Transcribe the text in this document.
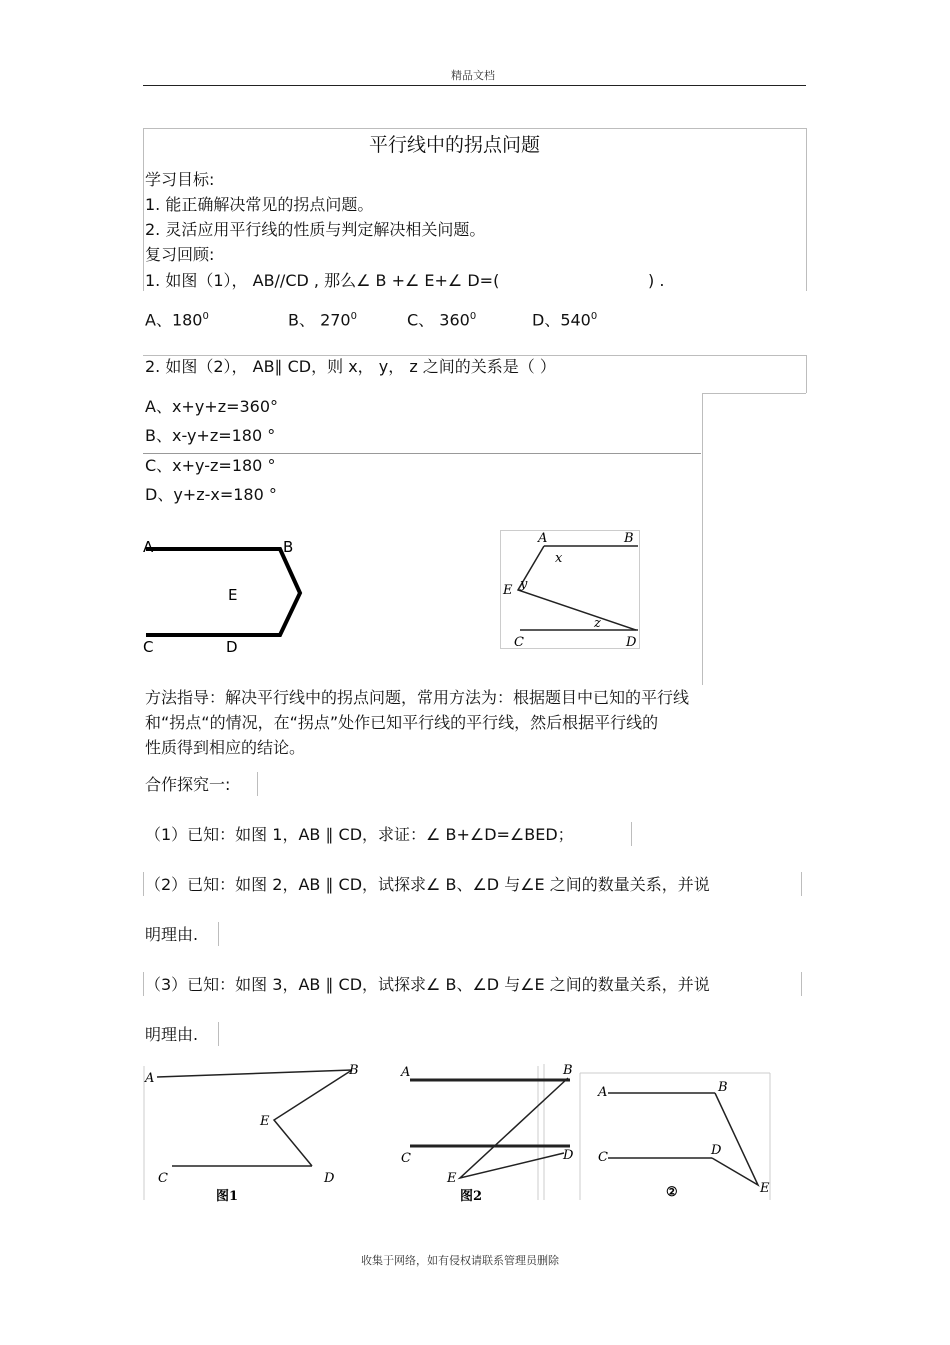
精品文档
平行线中的拐点问题
学习目标:
1. 能正确解决常见的拐点问题。
2. 灵活应用平行线的性质与判定解决相关问题。
复习回顾:
1. 如图（1）， AB//CD , 那么∠ B +∠ E+∠ D=(	) .
A、$180^0$	B、 $270^0$	C、 $360^0$	D、$540^0$
2. 如图（2）， AB∥ CD，则 x， y， z 之间的关系是（ ）
A、x+y+z=360°
B、x-y+z=180 °
C、x+y-z=180 °
D、y+z-x=180 °
A	B
E
C	D
A	B
x
E y
z
C	D
方法指导：解决平行线中的拐点问题，常用方法为：根据题目中已知的平行线
和“拐点“的情况，在“拐点”处作已知平行线的平行线，然后根据平行线的
性质得到相应的结论。
合作探究一:
（1）已知：如图 1，AB ∥ CD，求证：∠ B+∠D=∠BED；
（2）已知：如图 2，AB ∥ CD，试探求∠ B、∠D 与∠E 之间的数量关系，并说
明理由.
（3）已知：如图 3，AB ∥ CD，试探求∠ B、∠D 与∠E 之间的数量关系，并说
明理由.
A
B
E
C	D
图1
A	B
C	D
E
图2
A	B
C	D
E
②
收集于网络，如有侵权请联系管理员删除
